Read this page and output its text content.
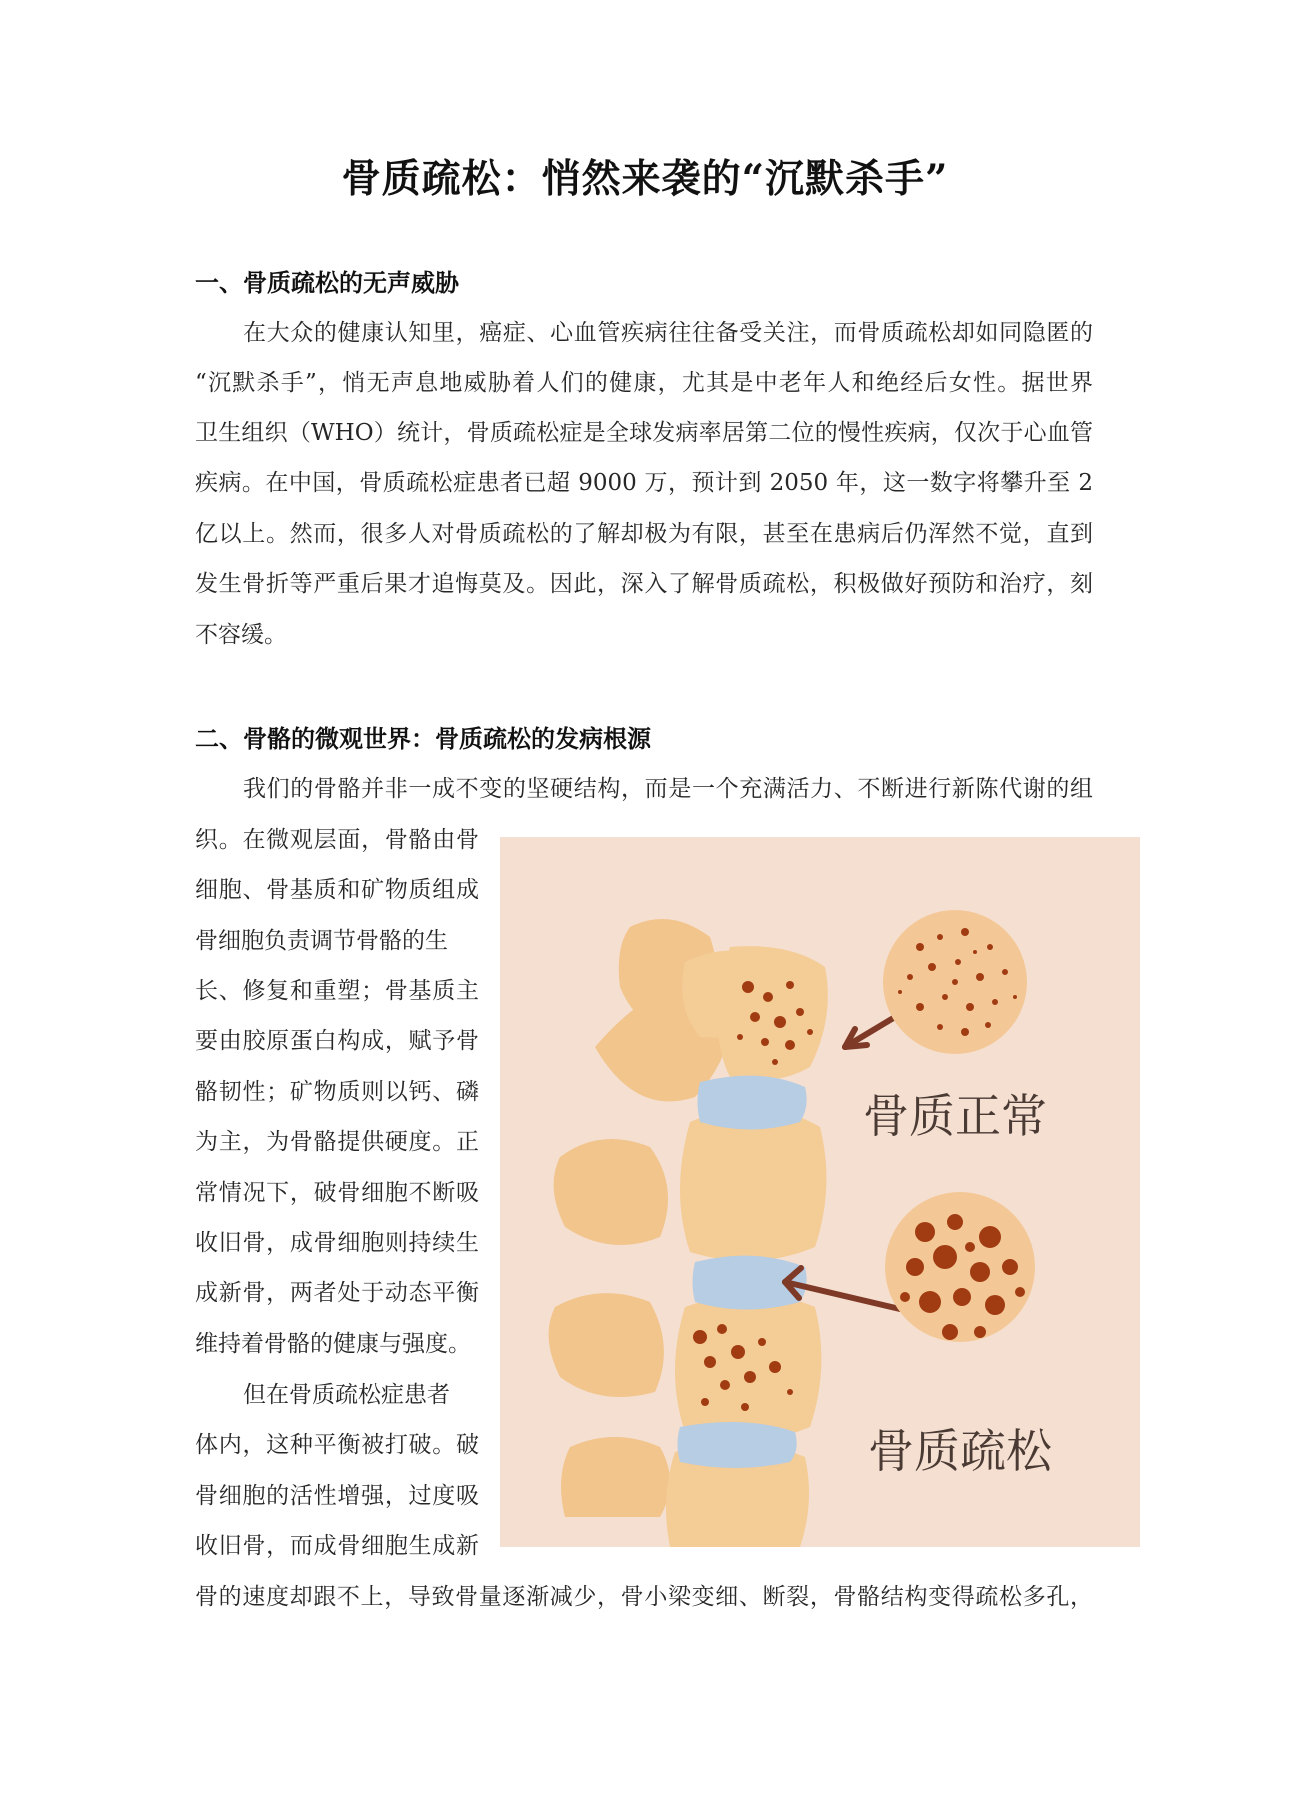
骨质疏松：悄然来袭的“沉默杀手”
一、骨质疏松的无声威胁
在大众的健康认知里，癌症、心血管疾病往往备受关注，而骨质疏松却如同隐匿的
“沉默杀手”，悄无声息地威胁着人们的健康，尤其是中老年人和绝经后女性。据世界
卫生组织（WHO）统计，骨质疏松症是全球发病率居第二位的慢性疾病，仅次于心血管
疾病。在中国，骨质疏松症患者已超 9000 万，预计到 2050 年，这一数字将攀升至 2
亿以上。然而，很多人对骨质疏松的了解却极为有限，甚至在患病后仍浑然不觉，直到
发生骨折等严重后果才追悔莫及。因此，深入了解骨质疏松，积极做好预防和治疗，刻
不容缓。
二、骨骼的微观世界：骨质疏松的发病根源
我们的骨骼并非一成不变的坚硬结构，而是一个充满活力、不断进行新陈代谢的组
织。在微观层面，骨骼由骨
细胞、骨基质和矿物质组成
骨细胞负责调节骨骼的生
长、修复和重塑；骨基质主
要由胶原蛋白构成，赋予骨
骼韧性；矿物质则以钙、磷
为主，为骨骼提供硬度。正
常情况下，破骨细胞不断吸
收旧骨，成骨细胞则持续生
成新骨，两者处于动态平衡
维持着骨骼的健康与强度。
但在骨质疏松症患者
体内，这种平衡被打破。破
骨细胞的活性增强，过度吸
收旧骨，而成骨细胞生成新
骨的速度却跟不上，导致骨量逐渐减少，骨小梁变细、断裂，骨骼结构变得疏松多孔，
骨质正常
骨质疏松
